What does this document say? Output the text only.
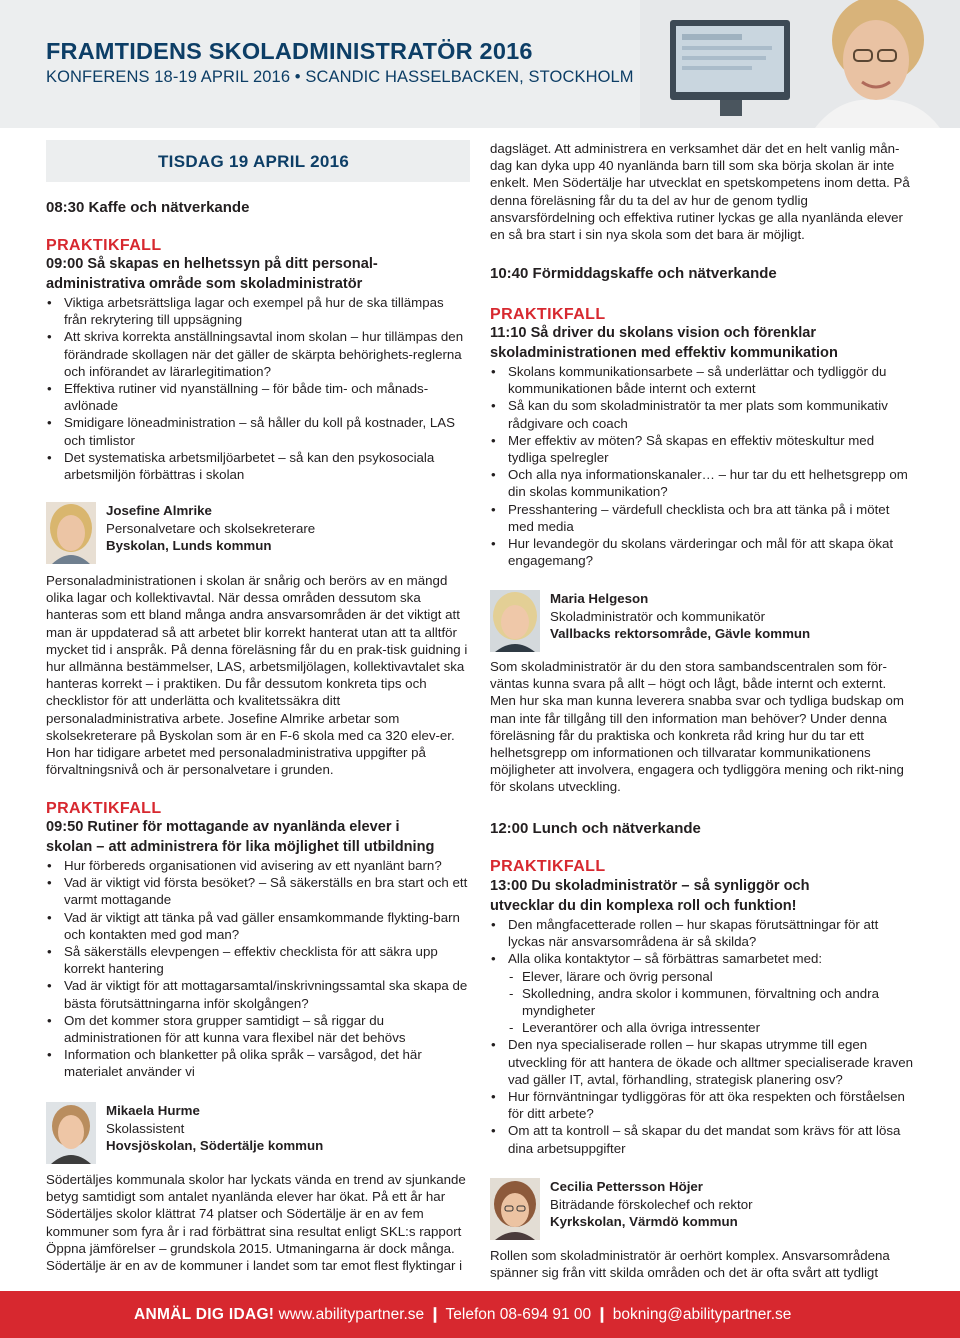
FRAMTIDENS SKOLADMINISTRATÖR 2016
KONFERENS 18-19 APRIL 2016 • SCANDIC HASSELBACKEN, STOCKHOLM
TISDAG 19 APRIL 2016
08:30 Kaffe och nätverkande
PRAKTIKFALL
09:00 Så skapas en helhetssyn på ditt personal-
administrativa område som skoladministratör
• Viktiga arbetsrättsliga lagar och exempel på hur de ska tillämpas från rekrytering till uppsägning
• Att skriva korrekta anställningsavtal inom skolan – hur tillämpas den förändrade skollagen när det gäller de skärpta behörighets-reglerna och införandet av lärarlegitimation?
• Effektiva rutiner vid nyanställning – för både tim- och månads-avlönade
• Smidigare löneadministration – så håller du koll på kostnader, LAS och timlistor
• Det systematiska arbetsmiljöarbetet – så kan den psykosociala arbetsmiljön förbättras i skolan
Josefine Almrike
Personalvetare och skolsekreterare
Byskolan, Lunds kommun

Personaladministrationen i skolan är snårig och berörs av en mängd olika lagar och kollektivavtal. När dessa områden dessutom ska hanteras som ett bland många andra ansvarsområden är det viktigt att man är uppdaterad så att arbetet blir korrekt hanterat utan att ta alltför mycket tid i anspråk. På denna föreläsning får du en prak-tisk guidning i hur allmänna bestämmelser, LAS, arbetsmiljölagen, kollektivavtalet ska hanteras korrekt – i praktiken. Du får dessutom konkreta tips och checklistor för att underlätta och kvalitetssäkra ditt personaladministrativa arbete. Josefine Almrike arbetar som skolsekreterare på Byskolan som är en F-6 skola med ca 320 elev-er. Hon har tidigare arbetet med personaladministrativa uppgifter på förvaltningsnivå och är personalvetare i grunden.

PRAKTIKFALL
09:50 Rutiner för mottagande av nyanlända elever i
skolan – att administrera för lika möjlighet till utbildning
• Hur förbereds organisationen vid avisering av ett nyanlänt barn?
• Vad är viktigt vid första besöket? – Så säkerställs en bra start och ett varmt mottagande
• Vad är viktigt att tänka på vad gäller ensamkommande flykting-barn och kontakten med god man?
• Så säkerställs elevpengen – effektiv checklista för att säkra upp korrekt hantering
• Vad är viktigt för att mottagarsamtal/inskrivningssamtal ska skapa de bästa förutsättningarna inför skolgången?
• Om det kommer stora grupper samtidigt – så riggar du administrationen för att kunna vara flexibel när det behövs
• Information och blanketter på olika språk – varsågod, det här materialet använder vi
Mikaela Hurme
Skolassistent
Hovsjöskolan, Södertälje kommun

Södertäljes kommunala skolor har lyckats vända en trend av sjunkande betyg samtidigt som antalet nyanlända elever har ökat. På ett år har Södertäljes skolor klättrat 74 platser och Södertälje är en av fem kommuner som fyra år i rad förbättrat sina resultat enligt SKL:s rapport Öppna jämförelser – grundskola 2015. Utmaningarna är dock många. Södertälje är en av de kommuner i landet som tar emot flest flyktingar i

dagsläget. Att administrera en verksamhet där det en helt vanlig mån-dag kan dyka upp 40 nyanlända barn till som ska börja skolan är inte enkelt. Men Södertälje har utvecklat en spetskompetens inom detta. På denna föreläsning får du ta del av hur de genom tydlig ansvarsfördelning och effektiva rutiner lyckas ge alla nyanlända elever en så bra start i sin nya skola som det bara är möjligt.

10:40 Förmiddagskaffe och nätverkande
PRAKTIKFALL
11:10 Så driver du skolans vision och förenklar
skoladministrationen med effektiv kommunikation
• Skolans kommunikationsarbete – så underlättar och tydliggör du kommunikationen både internt och externt
• Så kan du som skoladministratör ta mer plats som kommunikativ rådgivare och coach
• Mer effektiv av möten? Så skapas en effektiv möteskultur med tydliga spelregler
• Och alla nya informationskanaler… – hur tar du ett helhetsgrepp om din skolas kommunikation?
• Presshantering – värdefull checklista och bra att tänka på i mötet med media
• Hur levandegör du skolans värderingar och mål för att skapa ökat engagemang?
Maria Helgeson
Skoladministratör och kommunikatör
Vallbacks rektorsområde, Gävle kommun

Som skoladministratör är du den stora sambandscentralen som för-väntas kunna svara på allt – högt och lågt, både internt och externt. Men hur ska man kunna leverera snabba svar och tydliga budskap om man inte får tillgång till den information man behöver? Under denna föreläsning får du praktiska och konkreta råd kring hur du tar ett helhetsgrepp om informationen och tillvaratar kommunikationens möjligheter att involvera, engagera och tydliggöra mening och rikt-ning för skolans utveckling.

12:00 Lunch och nätverkande
PRAKTIKFALL
13:00 Du skoladministratör – så synliggör och
utvecklar du din komplexa roll och funktion!
• Den mångfacetterade rollen – hur skapas förutsättningar för att lyckas när ansvarsområdena är så skilda?
• Alla olika kontaktytor – så förbättras samarbetet med:
- Elever, lärare och övrig personal
- Skolledning, andra skolor i kommunen, förvaltning och andra myndigheter
- Leverantörer och alla övriga intressenter
• Den nya specialiserade rollen – hur skapas utrymme till egen utveckling för att hantera de ökade och alltmer specialiserade kraven vad gäller IT, avtal, förhandling, strategisk planering osv?
• Hur förnväntningar tydliggöras för att öka respekten och förståelsen för ditt arbete?
• Om att ta kontroll – så skapar du det mandat som krävs för att lösa dina arbetsuppgifter
Cecilia Pettersson Höjer
Biträdande förskolechef och rektor
Kyrkskolan, Värmdö kommun

Rollen som skoladministratör är oerhört komplex. Ansvarsområdena spänner sig från vitt skilda områden och det är ofta svårt att tydligt

ANMÄL DIG IDAG! www.abilitypartner.se ❙ Telefon 08-694 91 00 ❙ bokning@abilitypartner.se
